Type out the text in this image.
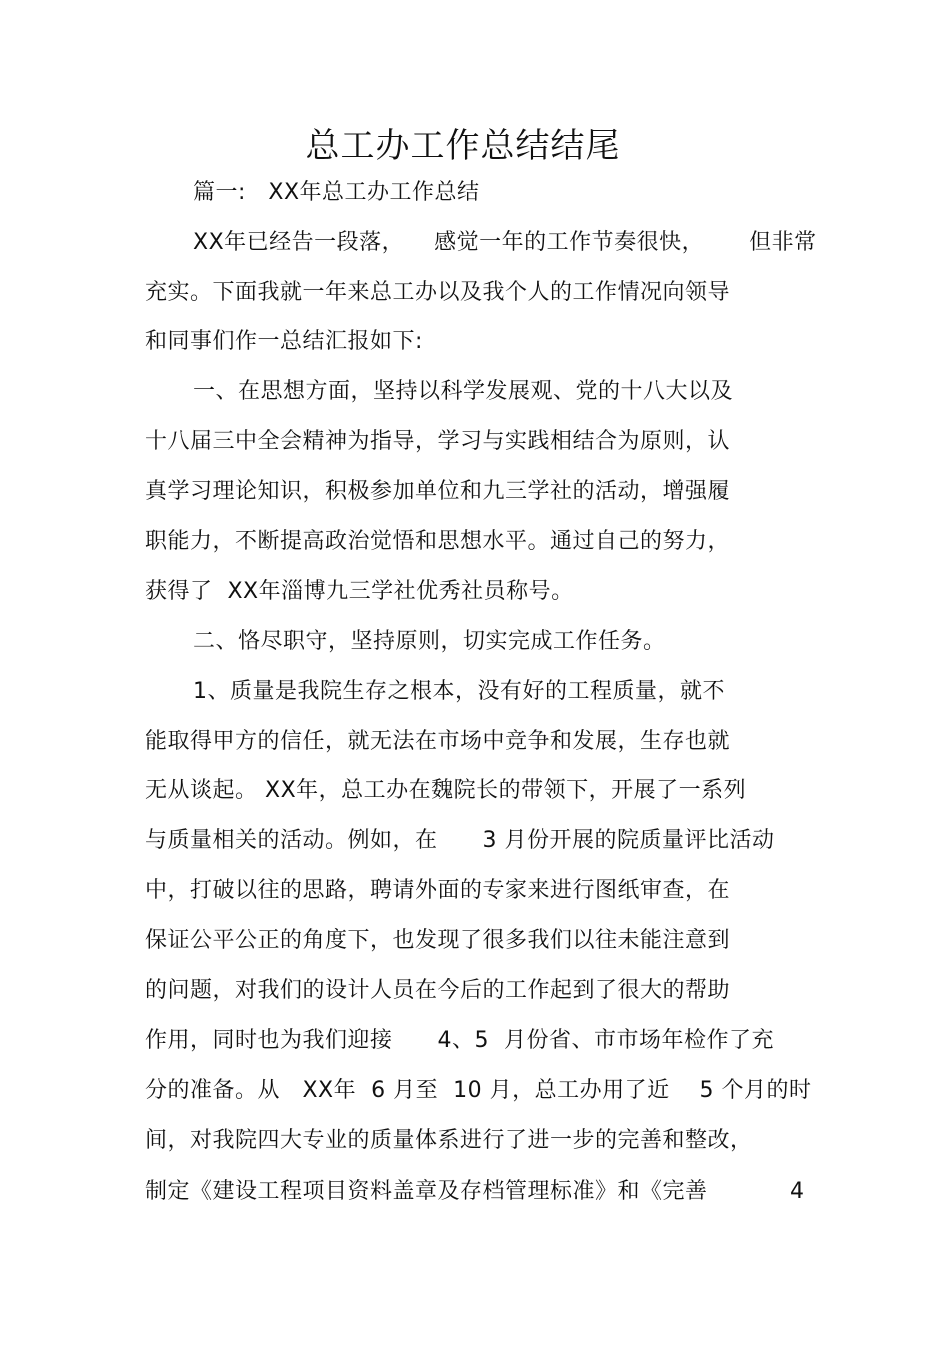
总工办工作总结结尾
篇一:   XX年总工办工作总结
XX年已经告一段落，    感觉一年的工作节奏很快，      但非常
充实。下面我就一年来总工办以及我个人的工作情况向领导
和同事们作一总结汇报如下:
一、在思想方面，坚持以科学发展观、党的十八大以及
十八届三中全会精神为指导，学习与实践相结合为原则，认
真学习理论知识，积极参加单位和九三学社的活动，增强履
职能力，不断提高政治觉悟和思想水平。通过自己的努力，
获得了  XX年淄博九三学社优秀社员称号。
二、恪尽职守，坚持原则，切实完成工作任务。
1、质量是我院生存之根本，没有好的工程质量，就不
能取得甲方的信任，就无法在市场中竞争和发展，生存也就
无从谈起。 XX年，总工办在魏院长的带领下，开展了一系列
与质量相关的活动。例如，在      3 月份开展的院质量评比活动
中，打破以往的思路，聘请外面的专家来进行图纸审查，在
保证公平公正的角度下，也发现了很多我们以往未能注意到
的问题，对我们的设计人员在今后的工作起到了很大的帮助
作用，同时也为我们迎接      4、5  月份省、市市场年检作了充
分的准备。从   XX年  6 月至  10 月，总工办用了近    5 个月的时
间，对我院四大专业的质量体系进行了进一步的完善和整改，
制定《建设工程项目资料盖章及存档管理标准》和《完善	4
